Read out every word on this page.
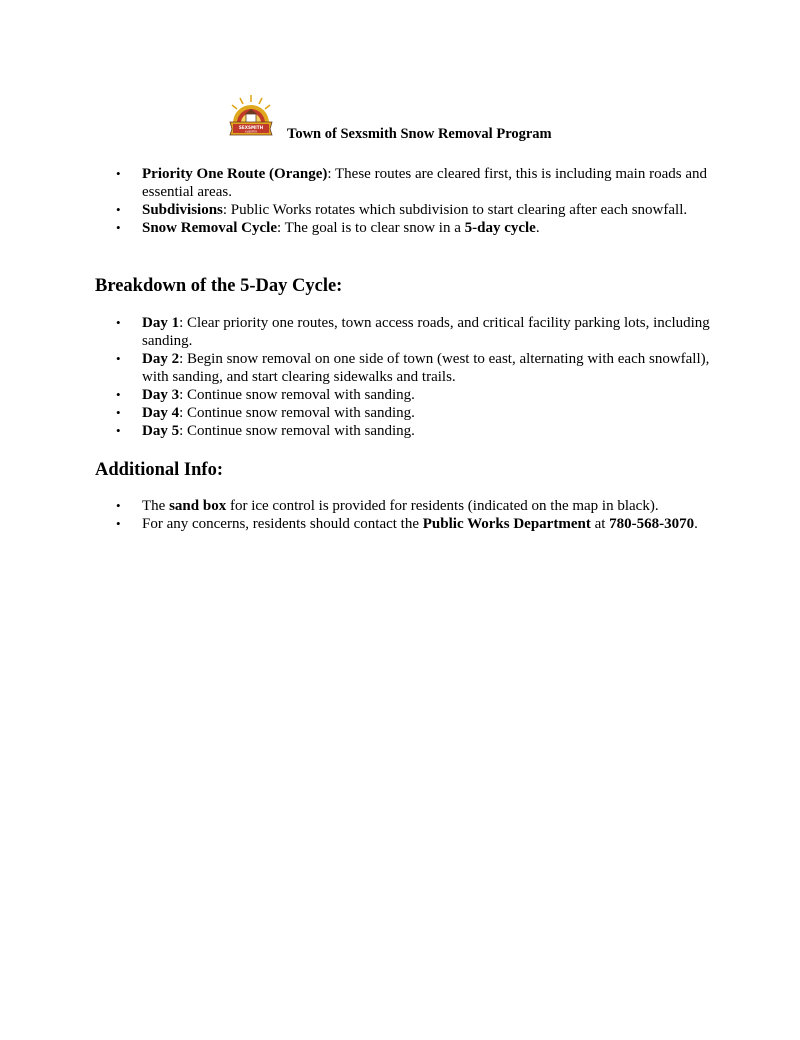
SEXSMITH
ALBERTA Town of Sexsmith Snow Removal Program
• Priority One Route (Orange): These routes are cleared first, this is including main roads and essential areas.
• Subdivisions: Public Works rotates which subdivision to start clearing after each snowfall.
• Snow Removal Cycle: The goal is to clear snow in a 5-day cycle.
Breakdown of the 5-Day Cycle:
• Day 1: Clear priority one routes, town access roads, and critical facility parking lots, including sanding.
• Day 2: Begin snow removal on one side of town (west to east, alternating with each snowfall), with sanding, and start clearing sidewalks and trails.
• Day 3: Continue snow removal with sanding.
• Day 4: Continue snow removal with sanding.
• Day 5: Continue snow removal with sanding.
Additional Info:
• The sand box for ice control is provided for residents (indicated on the map in black).
• For any concerns, residents should contact the Public Works Department at 780-568-3070.
